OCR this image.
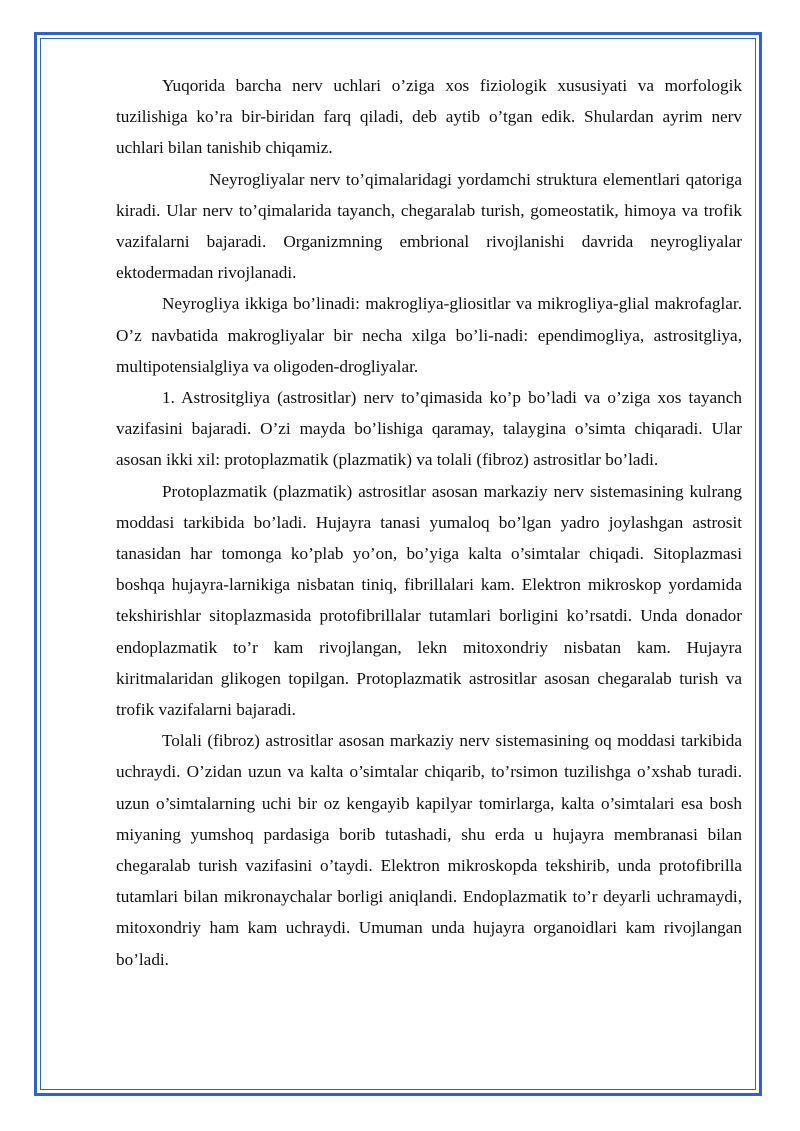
Yuqorida barcha nerv uchlari o’ziga xos fiziologik xususiyati va morfologik tuzilishiga ko’ra bir-biridan farq qiladi, deb aytib o’tgan edik. Shulardan ayrim nerv uchlari bilan tanishib chiqamiz.

Neyrogliyalar nerv to’qimalaridagi yordamchi struktura elementlari qatoriga kiradi. Ular nerv to’qimalarida tayanch, chegaralab turish, gomeostatik, himoya va trofik vazifalarni bajaradi. Organizmning embrional rivojlanishi davrida neyrogliyalar ektodermadan rivojlanadi.

Neyrogliya ikkiga bo’linadi: makrogliya-gliositlar va mikrogliya-glial makrofaglar. O’z navbatida makrogliyalar bir necha xilga bo’li-nadi: ependimogliya, astrositgliya, multipotensialgliya va oligoden-drogliyalar.

1. Astrositgliya (astrositlar) nerv to’qimasida ko’p bo’ladi va o’ziga xos tayanch vazifasini bajaradi. O’zi mayda bo’lishiga qaramay, talaygina o’simta chiqaradi. Ular asosan ikki xil: protoplazmatik (plazmatik) va tolali (fibroz) astrositlar bo’ladi.

Protoplazmatik (plazmatik) astrositlar asosan markaziy nerv sistemasining kulrang moddasi tarkibida bo’ladi. Hujayra tanasi yumaloq bo’lgan yadro joylashgan astrosit tanasidan har tomonga ko’plab yo’on, bo’yiga kalta o’simtalar chiqadi. Sitoplazmasi boshqa hujayra-larnikiga nisbatan tiniq, fibrillalari kam. Elektron mikroskop yordamida tekshirishlar sitoplazmasida protofibrillalar tutamlari borligini ko’rsatdi. Unda donador endoplazmatik to’r kam rivojlangan, lekn mitoxondriy nisbatan kam. Hujayra kiritmalaridan glikogen topilgan. Protoplazmatik astrositlar asosan chegaralab turish va trofik vazifalarni bajaradi.

Tolali (fibroz) astrositlar asosan markaziy nerv sistemasining oq moddasi tarkibida uchraydi. O’zidan uzun va kalta o’simtalar chiqarib, to’rsimon tuzilishga o’xshab turadi. uzun o’simtalarning uchi bir oz kengayib kapilyar tomirlarga, kalta o’simtalari esa bosh miyaning yumshoq pardasiga borib tutashadi, shu erda u hujayra membranasi bilan chegaralab turish vazifasini o’taydi. Elektron mikroskopda tekshirib, unda protofibrilla tutamlari bilan mikronaychalar borligi aniqlandi. Endoplazmatik to’r deyarli uchramaydi, mitoxondriy ham kam uchraydi. Umuman unda hujayra organoidlari kam rivojlangan bo’ladi.
